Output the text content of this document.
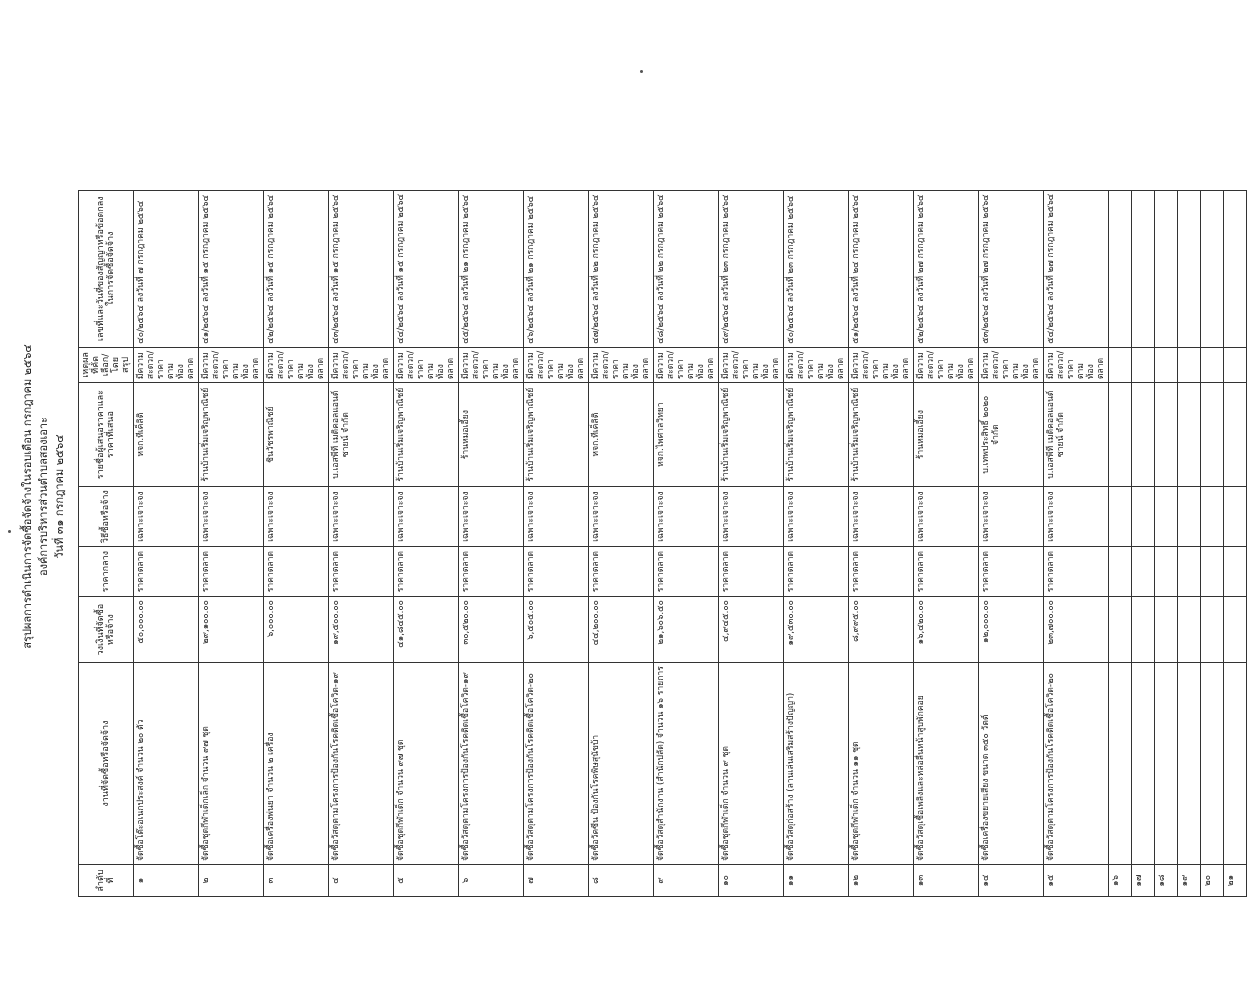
สรุปผลการดำเนินการจัดซื้อจัดจ้างในรอบเดือน กรกฎาคม ๒๕๖๔ องค์การบริหารส่วนตำบลสองเอาะ วันที่ ๓๑ กรกฎาคม ๒๕๖๔
ลำดับที่	งานที่จัดซื้อหรือจัดจ้าง	วงเงินที่จัดซื้อหรือจ้าง	ราคากลาง	วิธีซื้อหรือจ้าง	รายชื่อผู้เสนอราคาและราคาที่เสนอ	เหตุผลที่คัดเลือก/โดยสรุป	เลขที่และวันที่ของสัญญาหรือข้อตกลงในการจัดซื้อจัดจ้าง
๑	จัดซื้อโต๊ะอเนกประสงค์ จำนวน ๒๐ ตัว	๕๐,๐๐๐.๐๐	ราคาตลาด	เฉพาะเจาะจง	หจก.ทีเค็ลิติ	มีความสะดวก/ราคาตามท้องตลาด	๔๐/๒๕๖๔ ลงวันที่ ๗ กรกฎาคม ๒๕๖๔
๒	จัดซื้อชุดกีฬาเด็กเล็ก จำนวน ๙๗ ชุด	๒๙,๑๐๐.๐๐	ราคาตลาด	เฉพาะเจาะจง	ร้านบ้านเริ่มเจริญพาณิชย์	มีความสะดวก/ราคาตามท้องตลาด	๔๑/๒๕๖๔ ลงวันที่ ๑๕ กรกฎาคม ๒๕๖๔
๓	จัดซื้อเครื่องพ่นยา จำนวน ๒ เครื่อง	๖,๐๐๐.๐๐	ราคาตลาด	เฉพาะเจาะจง	ชินวัชรพาณิชย์	มีความสะดวก/ราคาตามท้องตลาด	๔๒/๒๕๖๔ ลงวันที่ ๑๕ กรกฎาคม ๒๕๖๔
๔	จัดซื้อวัสดุตามโครงการป้องกันโรคติดเชื้อโควิด-๑๙	๑๙,๕๐๐.๐๐	ราคาตลาด	เฉพาะเจาะจง	บ.เอสพีที เมดิคอลแอนด์ซายน์ จำกัด	มีความสะดวก/ราคาตามท้องตลาด	๔๓/๒๕๖๔ ลงวันที่ ๑๕ กรกฎาคม ๒๕๖๔
๕	จัดซื้อชุดกีฬาเด็ก จำนวน ๙๗ ชุด	๔๑,๘๔๕.๐๐	ราคาตลาด	เฉพาะเจาะจง	ร้านบ้านเริ่มเจริญพาณิชย์	มีความสะดวก/ราคาตามท้องตลาด	๔๔/๒๕๖๔ ลงวันที่ ๑๕ กรกฎาคม ๒๕๖๔
๖	จัดซื้อวัสดุตามโครงการป้องกันโรคติดเชื้อโควิด-๑๙	๓๐,๕๒๐.๐๐	ราคาตลาด	เฉพาะเจาะจง	ร้านหมอเอี้ยง	มีความสะดวก/ราคาตามท้องตลาด	๔๕/๒๕๖๔ ลงวันที่ ๒๑ กรกฎาคม ๒๕๖๔
๗	จัดซื้อวัสดุตามโครงการป้องกันโรคติดเชื้อโควิด-๒๐	๖,๕๐๕.๐๐	ราคาตลาด	เฉพาะเจาะจง	ร้านบ้านเริ่มเจริญพาณิชย์	มีความสะดวก/ราคาตามท้องตลาด	๔๖/๒๕๖๔ ลงวันที่ ๒๑ กรกฎาคม ๒๕๖๔
๘	จัดซื้อวัคซีน ป้องกันโรคพิษสุนัขบ้า	๔๔,๒๐๐.๐๐	ราคาตลาด	เฉพาะเจาะจง	หจก.ทีเค็ลิติ	มีความสะดวก/ราคาตามท้องตลาด	๔๗/๒๕๖๔ ลงวันที่ ๒๒ กรกฎาคม ๒๕๖๔
๙	จัดซื้อวัสดุสำนักงาน (สำนักปลัด) จำนวน ๑๖ รายการ	๒๑,๖๐๖.๕๐	ราคาตลาด	เฉพาะเจาะจง	หจก.ไพศาลวิทยา	มีความสะดวก/ราคาตามท้องตลาด	๔๘/๒๕๖๔ ลงวันที่ ๒๒ กรกฎาคม ๒๕๖๔
๑๐	จัดซื้อชุดกีฬาเด็ก จำนวน ๙ ชุด	๔,๙๔๕.๐๐	ราคาตลาด	เฉพาะเจาะจง	ร้านบ้านเริ่มเจริญพาณิชย์	มีความสะดวก/ราคาตามท้องตลาด	๔๙/๒๕๖๔ ลงวันที่ ๒๓ กรกฎาคม ๒๕๖๔
๑๑	จัดซื้อวัสดุก่อสร้าง (ลานเล่นเสริมสร้างปัญญา)	๑๙,๕๓๐.๐๐	ราคาตลาด	เฉพาะเจาะจง	ร้านบ้านเริ่มเจริญพาณิชย์	มีความสะดวก/ราคาตามท้องตลาด	๕๐/๒๕๖๔ ลงวันที่ ๒๓ กรกฎาคม ๒๕๖๔
๑๒	จัดซื้อชุดกีฬาเด็ก จำนวน ๑๑ ชุด	๘,๙๙๕.๐๐	ราคาตลาด	เฉพาะเจาะจง	ร้านบ้านเริ่มเจริญพาณิชย์	มีความสะดวก/ราคาตามท้องตลาด	๕๑/๒๕๖๔ ลงวันที่ ๒๔ กรกฎาคม ๒๕๖๔
๑๓	จัดซื้อวัสดุเชื้อเพลิงและหล่อลื่นหน้าสูบพักคอย	๑๖,๔๒๐.๐๐	ราคาตลาด	เฉพาะเจาะจง	ร้านหมอเอี้ยง	มีความสะดวก/ราคาตามท้องตลาด	๕๒/๒๕๖๔ ลงวันที่ ๒๗ กรกฎาคม ๒๕๖๔
๑๔	จัดซื้อเครื่องขยายเสียง ขนาด ๓๕๐ วัตต์	๑๒,๐๐๐.๐๐	ราคาตลาด	เฉพาะเจาะจง	บ.เทพประสิทธิ์ ๒๐๒๐ จำกัด	มีความสะดวก/ราคาตามท้องตลาด	๕๓/๒๕๖๔ ลงวันที่ ๒๗ กรกฎาคม ๒๕๖๔
๑๕	จัดซื้อวัสดุตามโครงการป้องกันโรคติดเชื้อโควิด-๒๐	๒๓,๗๐๐.๐๐	ราคาตลาด	เฉพาะเจาะจง	บ.เอสพีที เมดิคอลแอนด์ซายน์ จำกัด	มีความสะดวก/ราคาตามท้องตลาด	๕๔/๒๕๖๔ ลงวันที่ ๒๗ กรกฎาคม ๒๕๖๔
๑๖							
๑๗							
๑๘							
๑๙							
๒๐							
๒๑							
